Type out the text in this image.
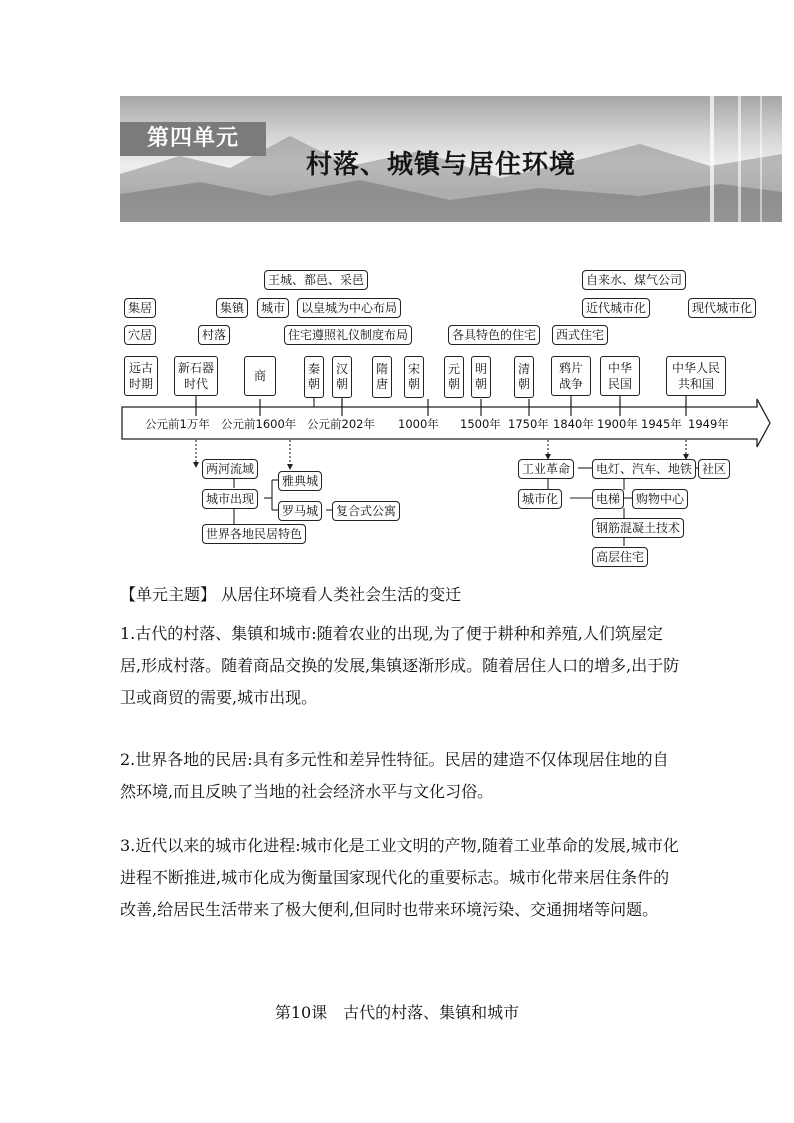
第四单元
村落、城镇与居住环境
集居
穴居
集镇
村落
王城、都邑、采邑
城市	以皇城为中心布局
住宅遵照礼仪制度布局	各具特色的住宅	西式住宅
自来水、煤气公司
近代城市化	现代城市化
远古时期
新石器时代
商	秦朝
汉朝
隋唐
宋朝
元朝
明朝
清朝
鸦片战争
中华民国
中华人民共和国
公元前1万年 公元前1600年 公元前202年 1000年 1500年 1750年 1840年 1900年 1945年 1949年
两河流域
城市出现
雅典城
罗马城	复合式公寓
世界各地民居特色
工业革命	电灯、汽车、地铁 社区
城市化	电梯	购物中心
钢筋混凝土技术
高层住宅
【单元主题】 从居住环境看人类社会生活的变迁
1.古代的村落、集镇和城市:随着农业的出现,为了便于耕种和养殖,人们筑屋定居,形成村落。随着商品交换的发展,集镇逐渐形成。随着居住人口的增多,出于防卫或商贸的需要,城市出现。
2.世界各地的民居:具有多元性和差异性特征。民居的建造不仅体现居住地的自然环境,而且反映了当地的社会经济水平与文化习俗。
3.近代以来的城市化进程:城市化是工业文明的产物,随着工业革命的发展,城市化进程不断推进,城市化成为衡量国家现代化的重要标志。城市化带来居住条件的改善,给居民生活带来了极大便利,但同时也带来环境污染、交通拥堵等问题。
第10课　古代的村落、集镇和城市
